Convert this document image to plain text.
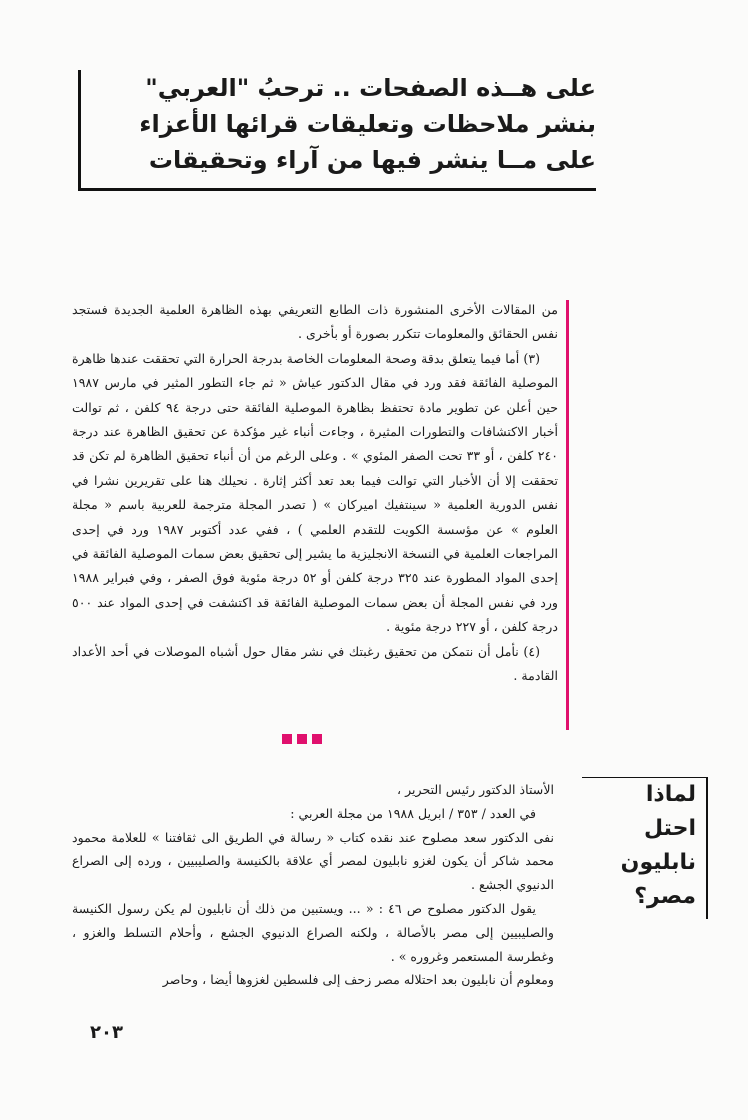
على هــذه الصفحات .. ترحبُ "العربي"
بنشر ملاحظات وتعليقات قرائها الأعزاء
على مــا ينشر فيها من آراء وتحقيقات

من المقالات الأخرى المنشورة ذات الطابع التعريفي بهذه الظاهرة العلمية الجديدة فستجد نفس الحقائق والمعلومات تتكرر بصورة أو بأخرى .

(٣) أما فيما يتعلق بدقة وصحة المعلومات الخاصة بدرجة الحرارة التي تحققت عندها ظاهرة الموصلية الفائقة فقد ورد في مقال الدكتور عياش « ثم جاء التطور المثير في مارس ١٩٨٧ حين أعلن عن تطوير مادة تحتفظ بظاهرة الموصلية الفائقة حتى درجة ٩٤ كلفن ، ثم توالت أخبار الاكتشافات والتطورات المثيرة ، وجاءت أنباء غير مؤكدة عن تحقيق الظاهرة عند درجة ٢٤٠ كلفن ، أو ٣٣ تحت الصفر المئوي » . وعلى الرغم من أن أنباء تحقيق الظاهرة لم تكن قد تحققت إلا أن الأخبار التي توالت فيما بعد تعد أكثر إثارة . نحيلك هنا على تقريرين نشرا في نفس الدورية العلمية « سينتفيك اميركان » ( تصدر المجلة مترجمة للعربية باسم « مجلة العلوم » عن مؤسسة الكويت للتقدم العلمي ) ، ففي عدد أكتوبر ١٩٨٧ ورد في إحدى المراجعات العلمية في النسخة الانجليزية ما يشير إلى تحقيق بعض سمات الموصلية الفائقة في إحدى المواد المطورة عند ٣٢٥ درجة كلفن أو ٥٢ درجة مئوية فوق الصفر ، وفي فبراير ١٩٨٨ ورد في نفس المجلة أن بعض سمات الموصلية الفائقة قد اكتشفت في إحدى المواد عند ٥٠٠ درجة كلفن ، أو ٢٢٧ درجة مئوية .

(٤) نأمل أن نتمكن من تحقيق رغبتك في نشر مقال حول أشباه الموصلات في أحد الأعداد القادمة .

لماذا
احتل
نابليون
مصر؟

الأستاذ الدكتور رئيس التحرير ،

في العدد / ٣٥٣ / ابريل ١٩٨٨ من مجلة العربي :

نفى الدكتور سعد مصلوح عند نقده كتاب « رسالة في الطريق الى ثقافتنا » للعلامة محمود محمد شاكر أن يكون لغزو نابليون لمصر أي علاقة بالكنيسة والصليبيين ، ورده إلى الصراع الدنيوي الجشع .

يقول الدكتور مصلوح ص ٤٦ : « ... ويستبين من ذلك أن نابليون لم يكن رسول الكنيسة والصليبيين إلى مصر بالأصالة ، ولكنه الصراع الدنيوي الجشع ، وأحلام التسلط والغزو ، وغطرسة المستعمر وغروره » .

ومعلوم أن نابليون بعد احتلاله مصر زحف إلى فلسطين لغزوها أيضا ، وحاصر

٢٠٣
